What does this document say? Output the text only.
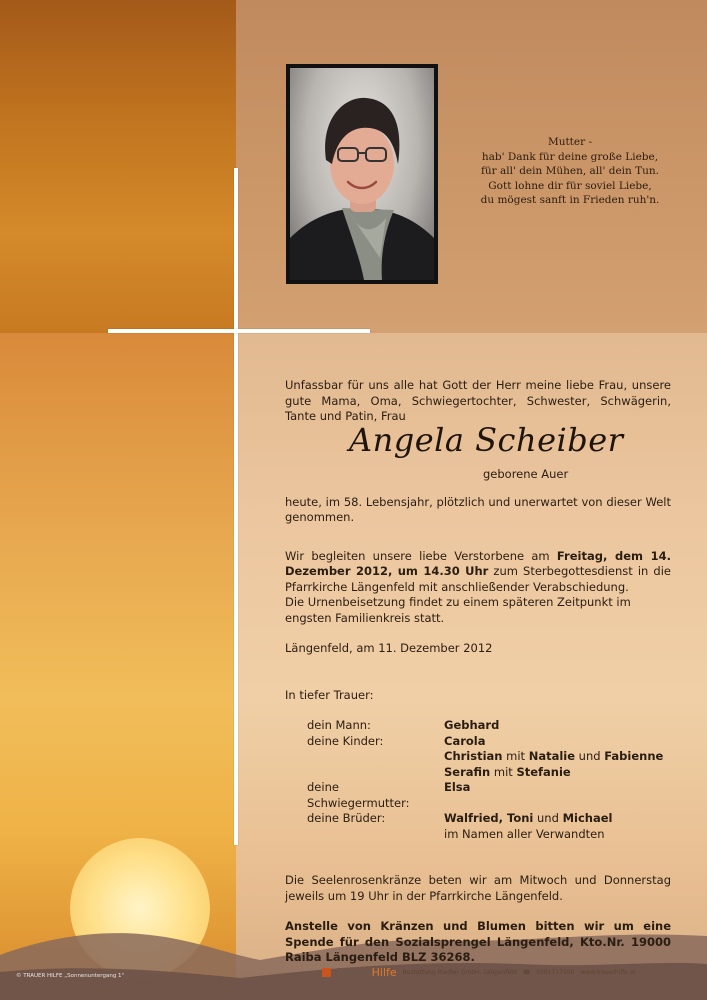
Mutter -
hab' Dank für deine große Liebe,
für all' dein Mühen, all' dein Tun.
Gott lohne dir für soviel Liebe,
du mögest sanft in Frieden ruh'n.
Unfassbar für uns alle hat Gott der Herr meine liebe Frau, unsere gute Mama, Oma, Schwiegertochter, Schwester, Schwägerin, Tante und Patin, Frau
Angela Scheiber
geborene Auer
heute, im 58. Lebensjahr, plötzlich und unerwartet von dieser Welt genommen.
Wir begleiten unsere liebe Verstorbene am Freitag, dem 14. Dezember 2012, um 14.30 Uhr zum Sterbegottesdienst in die Pfarrkirche Längenfeld mit anschließender Verabschiedung.
Die Urnenbeisetzung findet zu einem späteren Zeitpunkt im engsten Familienkreis statt.
Längenfeld, am 11. Dezember 2012
In tiefer Trauer:
dein Mann:	Gebhard
deine Kinder:	Carola
Christian mit Natalie und Fabienne
Serafin mit Stefanie
deine Schwiegermutter:
Elsa
deine Brüder:	Walfried, Toni und Michael
im Namen aller Verwandten
Die Seelenrosenkränze beten wir am Mitwoch und Donnerstag jeweils um 19 Uhr in der Pfarrkirche Längenfeld.
Anstelle von Kränzen und Blumen bitten wir um eine Spende für den Sozialsprengel Längenfeld, Kto.Nr. 19000 Raiba Längenfeld BLZ 36268.
© TRAUER HILFE „Sonnenuntergang 1"	TrauerHilfe Bestattung Riedler GmbH, Längenfeld ☎ 0501717500 www.trauerhilfe.at
